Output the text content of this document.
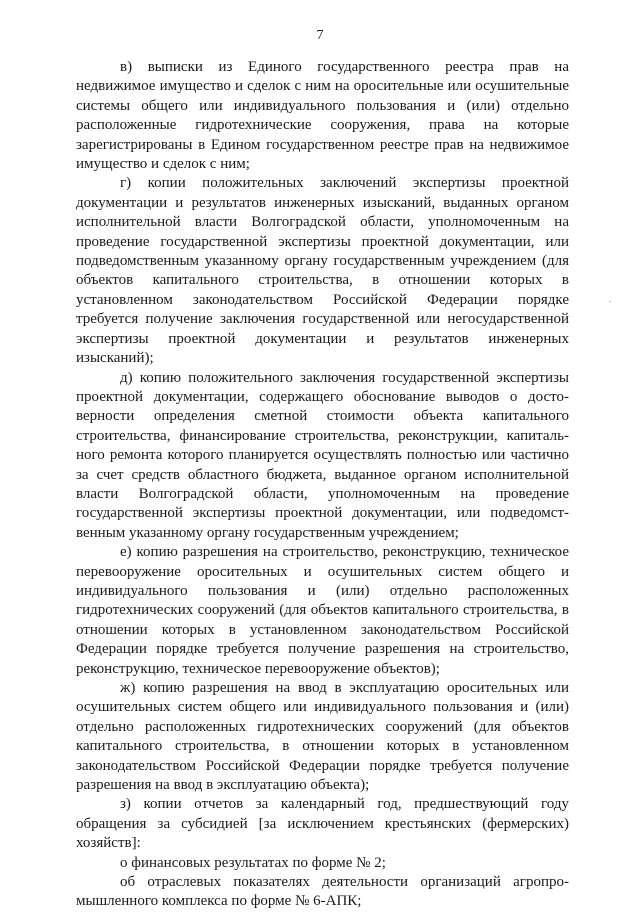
7

в) выписки из Единого государственного реестра прав на недвижимое имущество и сделок с ним на оросительные или осушительные системы общего или индивидуального пользования и (или) отдельно расположенные гидротехнические сооружения, права на которые зарегистрированы в Едином государственном реестре прав на недвижимое имущество и сделок с ним;

г) копии положительных заключений экспертизы проектной документации и результатов инженерных изысканий, выданных органом исполнительной власти Волгоградской области, уполномоченным на проведение государственной экспертизы проектной документации, или подведомственным указанному органу государственным учреждением (для объектов капитального строительства, в отношении которых в установленном законодательством Российской Федерации порядке требуется получение заключения государственной или негосударственной экспертизы проектной документации и результатов инженерных изысканий);

д) копию положительного заключения государственной экспертизы проектной документации, содержащего обоснование выводов о достоверности определения сметной стоимости объекта капитального строительства, финансирование строительства, реконструкции, капитального ремонта которого планируется осуществлять полностью или частично за счет средств областного бюджета, выданное органом исполнительной власти Волгоградской области, уполномоченным на проведение государственной экспертизы проектной документации, или подведомственным указанному органу государственным учреждением;

е) копию разрешения на строительство, реконструкцию, техническое перевооружение оросительных и осушительных систем общего и индивидуального пользования и (или) отдельно расположенных гидротехнических сооружений (для объектов капитального строительства, в отношении которых в установленном законодательством Российской Федерации порядке требуется получение разрешения на строительство, реконструкцию, техническое перевооружение объектов);

ж) копию разрешения на ввод в эксплуатацию оросительных или осушительных систем общего или индивидуального пользования и (или) отдельно расположенных гидротехнических сооружений (для объектов капитального строительства, в отношении которых в установленном законодательством Российской Федерации порядке требуется получение разрешения на ввод в эксплуатацию объекта);

з) копии отчетов за календарный год, предшествующий году обращения за субсидией [за исключением крестьянских (фермерских) хозяйств]:

о финансовых результатах по форме № 2;

об отраслевых показателях деятельности организаций агропромышленного комплекса по форме № 6-АПК;

·
